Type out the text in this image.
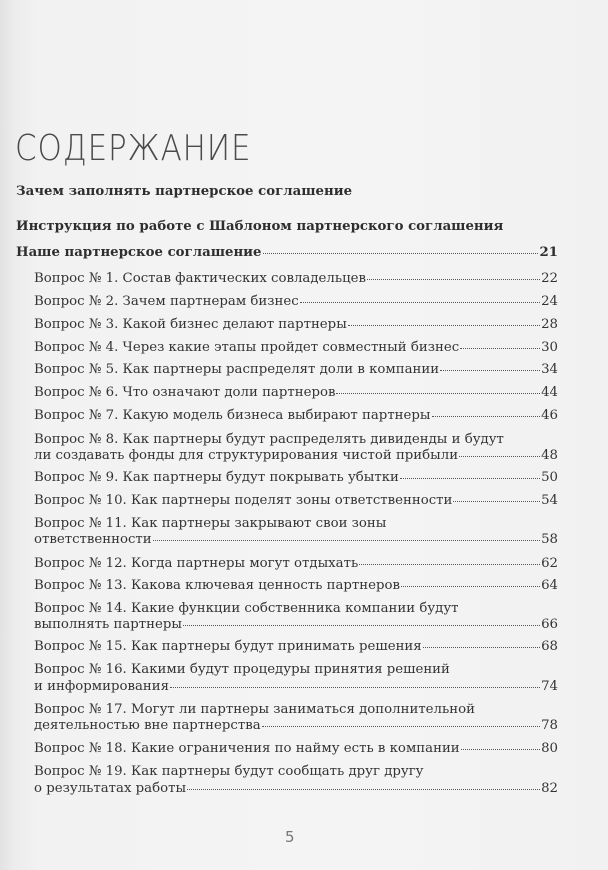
СОДЕРЖАНИЕ
Зачем заполнять партнерское соглашение
Инструкция по работе с Шаблоном партнерского соглашения
Наше партнерское соглашение	21
Вопрос № 1. Состав фактических совладельцев	22
Вопрос № 2. Зачем партнерам бизнес	24
Вопрос № 3. Какой бизнес делают партнеры	28
Вопрос № 4. Через какие этапы пройдет совместный бизнес	30
Вопрос № 5. Как партнеры распределят доли в компании	34
Вопрос № 6. Что означают доли партнеров	44
Вопрос № 7. Какую модель бизнеса выбирают партнеры	46
Вопрос № 8. Как партнеры будут распределять дивиденды и будут
ли создавать фонды для структурирования чистой прибыли	48
Вопрос № 9. Как партнеры будут покрывать убытки	50
Вопрос № 10. Как партнеры поделят зоны ответственности	54
Вопрос № 11. Как партнеры закрывают свои зоны
ответственности	58
Вопрос № 12. Когда партнеры могут отдыхать	62
Вопрос № 13. Какова ключевая ценность партнеров	64
Вопрос № 14. Какие функции собственника компании будут
выполнять партнеры	66
Вопрос № 15. Как партнеры будут принимать решения	68
Вопрос № 16. Какими будут процедуры принятия решений
и информирования	74
Вопрос № 17. Могут ли партнеры заниматься дополнительной
деятельностью вне партнерства	78
Вопрос № 18. Какие ограничения по найму есть в компании	80
Вопрос № 19. Как партнеры будут сообщать друг другу
о результатах работы	82
5
